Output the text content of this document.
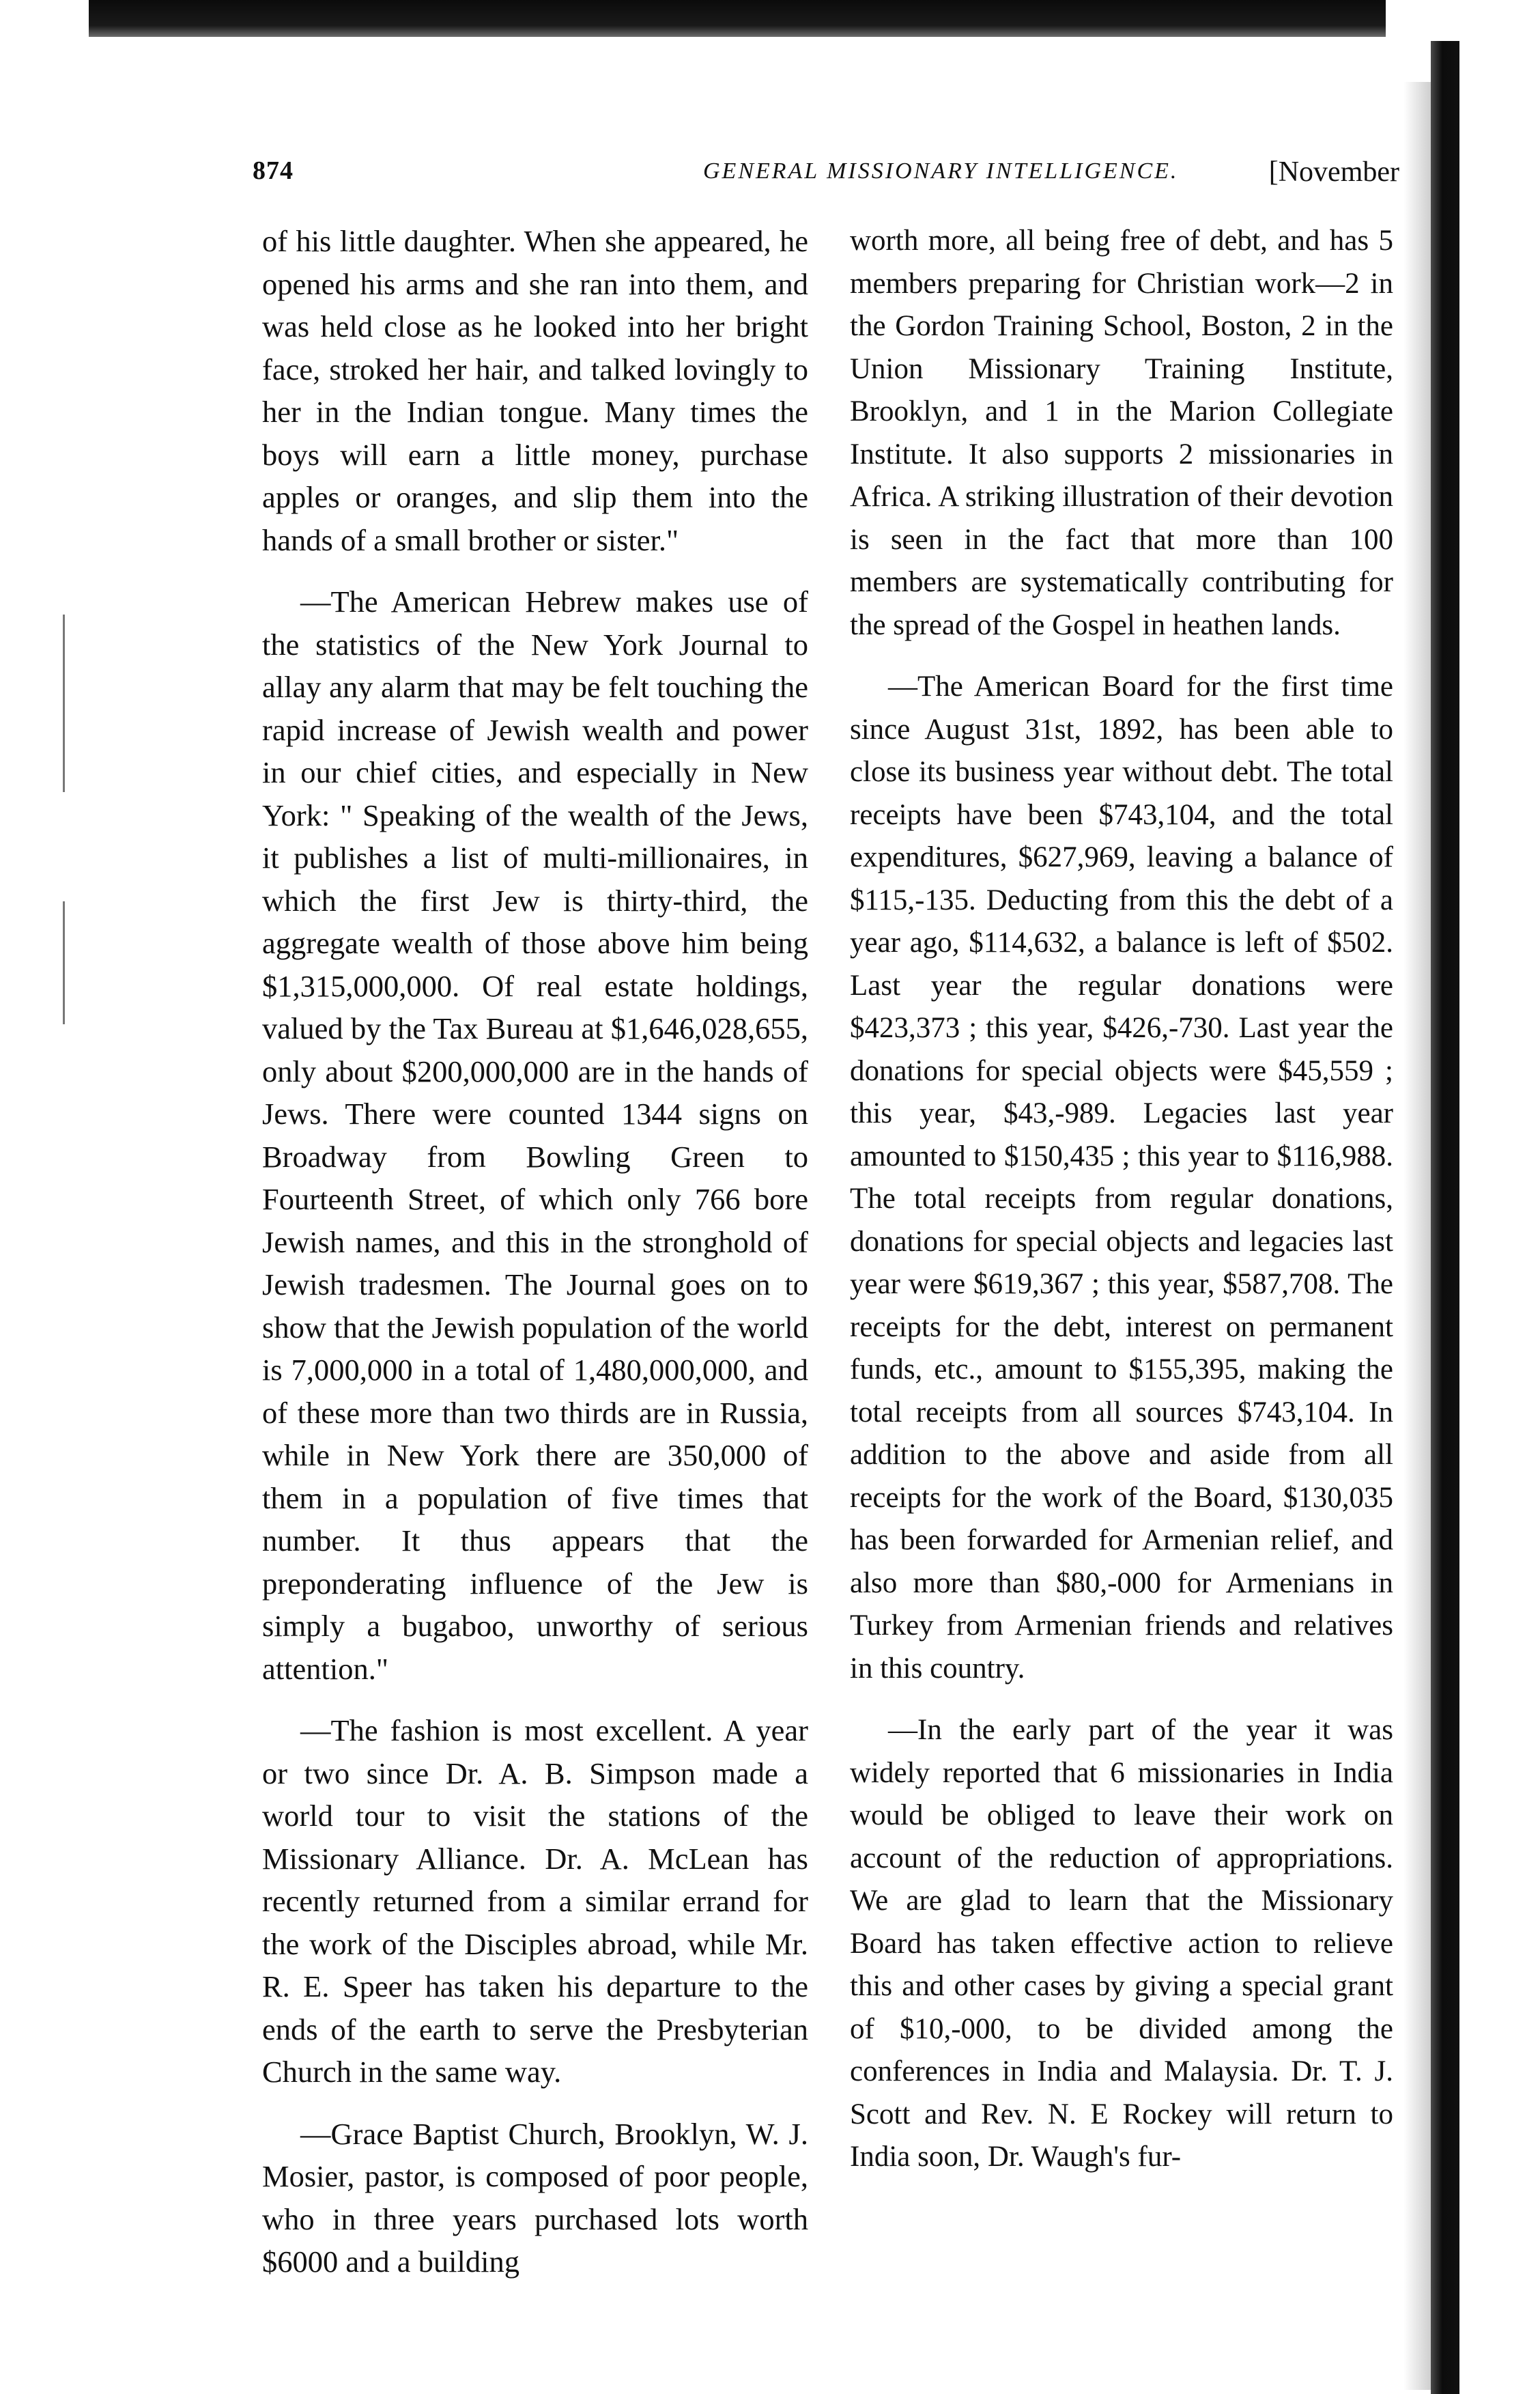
874	GENERAL MISSIONARY INTELLIGENCE.	[November

of his little daughter. When she appeared, he opened his arms and she ran into them, and was held close as he looked into her bright face, stroked her hair, and talked lovingly to her in the Indian tongue. Many times the boys will earn a little money, purchase apples or oranges, and slip them into the hands of a small brother or sister."

—The American Hebrew makes use of the statistics of the New York Journal to allay any alarm that may be felt touching the rapid increase of Jewish wealth and power in our chief cities, and especially in New York: " Speaking of the wealth of the Jews, it publishes a list of multi-millionaires, in which the first Jew is thirty-third, the aggregate wealth of those above him being $1,315,000,000. Of real estate holdings, valued by the Tax Bureau at $1,646,028,655, only about $200,000,000 are in the hands of Jews. There were counted 1344 signs on Broadway from Bowling Green to Fourteenth Street, of which only 766 bore Jewish names, and this in the stronghold of Jewish tradesmen. The Journal goes on to show that the Jewish population of the world is 7,000,000 in a total of 1,480,000,000, and of these more than two thirds are in Russia, while in New York there are 350,000 of them in a population of five times that number. It thus appears that the preponderating influence of the Jew is simply a bugaboo, unworthy of serious attention."

—The fashion is most excellent. A year or two since Dr. A. B. Simpson made a world tour to visit the stations of the Missionary Alliance. Dr. A. McLean has recently returned from a similar errand for the work of the Disciples abroad, while Mr. R. E. Speer has taken his departure to the ends of the earth to serve the Presbyterian Church in the same way.

—Grace Baptist Church, Brooklyn, W. J. Mosier, pastor, is composed of poor people, who in three years purchased lots worth $6000 and a building

worth more, all being free of debt, and has 5 members preparing for Christian work—2 in the Gordon Training School, Boston, 2 in the Union Missionary Training Institute, Brooklyn, and 1 in the Marion Collegiate Institute. It also supports 2 missionaries in Africa. A striking illustration of their devotion is seen in the fact that more than 100 members are systematically contributing for the spread of the Gospel in heathen lands.

—The American Board for the first time since August 31st, 1892, has been able to close its business year without debt. The total receipts have been $743,104, and the total expenditures, $627,969, leaving a balance of $115,-135. Deducting from this the debt of a year ago, $114,632, a balance is left of $502. Last year the regular donations were $423,373 ; this year, $426,-730. Last year the donations for special objects were $45,559 ; this year, $43,-989. Legacies last year amounted to $150,435 ; this year to $116,988. The total receipts from regular donations, donations for special objects and legacies last year were $619,367 ; this year, $587,708. The receipts for the debt, interest on permanent funds, etc., amount to $155,395, making the total receipts from all sources $743,104. In addition to the above and aside from all receipts for the work of the Board, $130,035 has been forwarded for Armenian relief, and also more than $80,-000 for Armenians in Turkey from Armenian friends and relatives in this country.

—In the early part of the year it was widely reported that 6 missionaries in India would be obliged to leave their work on account of the reduction of appropriations. We are glad to learn that the Missionary Board has taken effective action to relieve this and other cases by giving a special grant of $10,-000, to be divided among the conferences in India and Malaysia. Dr. T. J. Scott and Rev. N. E Rockey will return to India soon, Dr. Waugh's fur-
